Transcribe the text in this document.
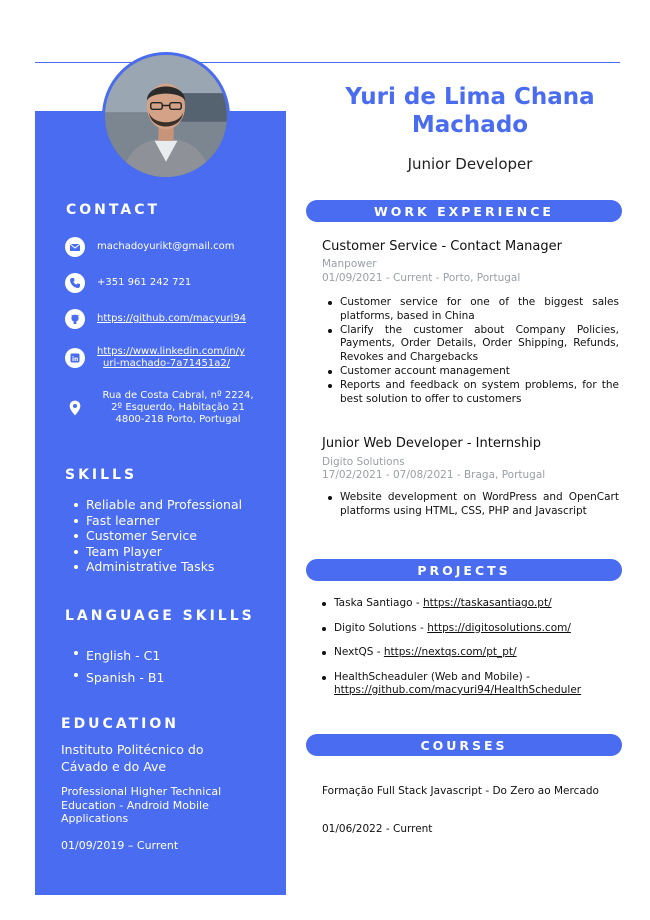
CONTACT
machadoyurikt@gmail.com
+351 961 242 721
https://github.com/macyuri94
in
https://www.linkedin.com/in/y
uri-machado-7a71451a2/
Rua de Costa Cabral, nº 2224,
2º Esquerdo, Habitação 21
4800-218 Porto, Portugal
SKILLS
Reliable and Professional
Fast learner
Customer Service
Team Player
Administrative Tasks
LANGUAGE SKILLS
English - C1
Spanish - B1
EDUCATION
Instituto Politécnico do Cávado e do Ave
Professional Higher Technical Education - Android Mobile Applications
01/09/2019 – Current
Yuri de Lima Chana Machado
Junior Developer
WORK EXPERIENCE
Customer Service - Contact Manager
Manpower
01/09/2021 - Current - Porto, Portugal
Customer service for one of the biggest sales platforms, based in China
Clarify the customer about Company Policies, Payments, Order Details, Order Shipping, Refunds, Revokes and Chargebacks
Customer account management
Reports and feedback on system problems, for the best solution to offer to customers
Junior Web Developer - Internship
Digito Solutions
17/02/2021 - 07/08/2021 - Braga, Portugal
Website development on WordPress and OpenCart platforms using HTML, CSS, PHP and Javascript
PROJECTS
Taska Santiago - https://taskasantiago.pt/
Digito Solutions - https://digitosolutions.com/
NextQS - https://nextqs.com/pt_pt/
HealthScheaduler (Web and Mobile) -
https://github.com/macyuri94/HealthScheduler
COURSES
Formação Full Stack Javascript - Do Zero ao Mercado
01/06/2022 - Current
